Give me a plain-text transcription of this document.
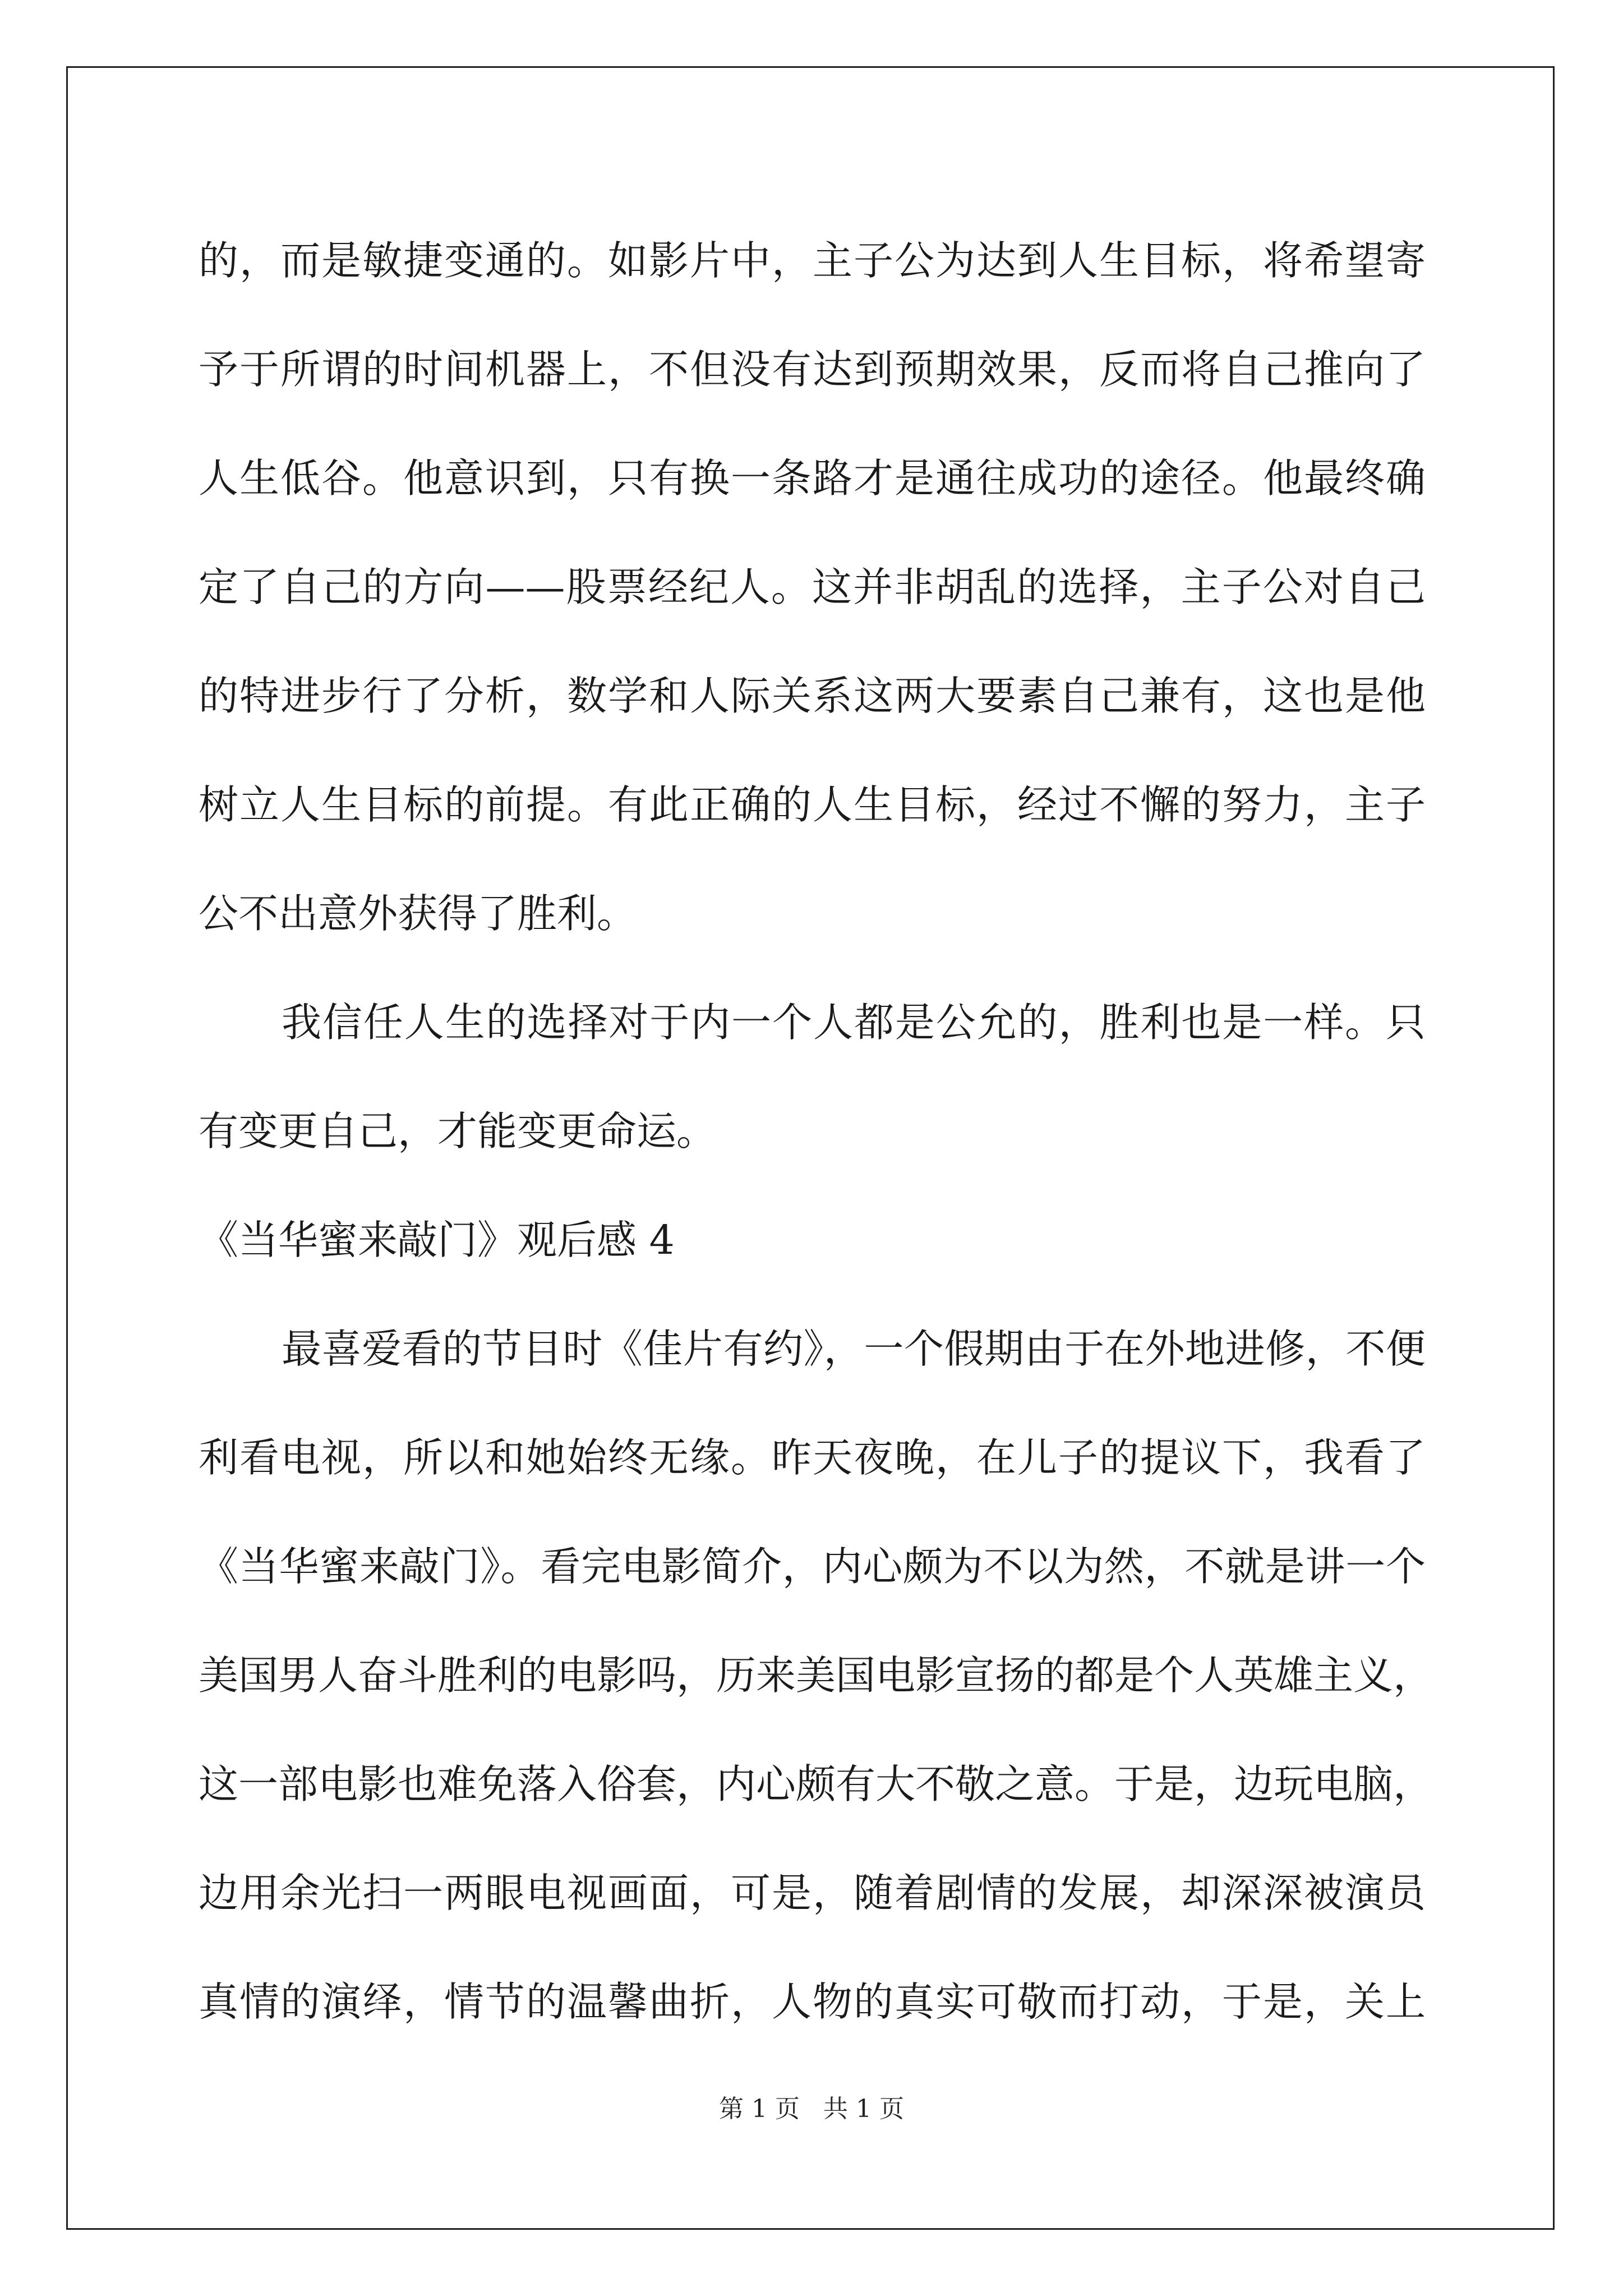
的，而是敏捷变通的。如影片中，主子公为达到人生目标，将希望寄
予于所谓的时间机器上，不但没有达到预期效果，反而将自己推向了
人生低谷。他意识到，只有换一条路才是通往成功的途径。他最终确
定了自己的方向——股票经纪人。这并非胡乱的选择，主子公对自己
的特进步行了分析，数学和人际关系这两大要素自己兼有，这也是他
树立人生目标的前提。有此正确的人生目标，经过不懈的努力，主子
公不出意外获得了胜利。
我信任人生的选择对于内一个人都是公允的，胜利也是一样。只
有变更自己，才能变更命运。
《当华蜜来敲门》观后感 4
最喜爱看的节目时《佳片有约》，一个假期由于在外地进修，不便
利看电视，所以和她始终无缘。昨天夜晚，在儿子的提议下，我看了
《当华蜜来敲门》。看完电影简介，内心颇为不以为然，不就是讲一个
美国男人奋斗胜利的电影吗，历来美国电影宣扬的都是个人英雄主义，
这一部电影也难免落入俗套，内心颇有大不敬之意。于是，边玩电脑，
边用余光扫一两眼电视画面，可是，随着剧情的发展，却深深被演员
真情的演绎，情节的温馨曲折，人物的真实可敬而打动，于是，关上
第 1 页 共 1 页
